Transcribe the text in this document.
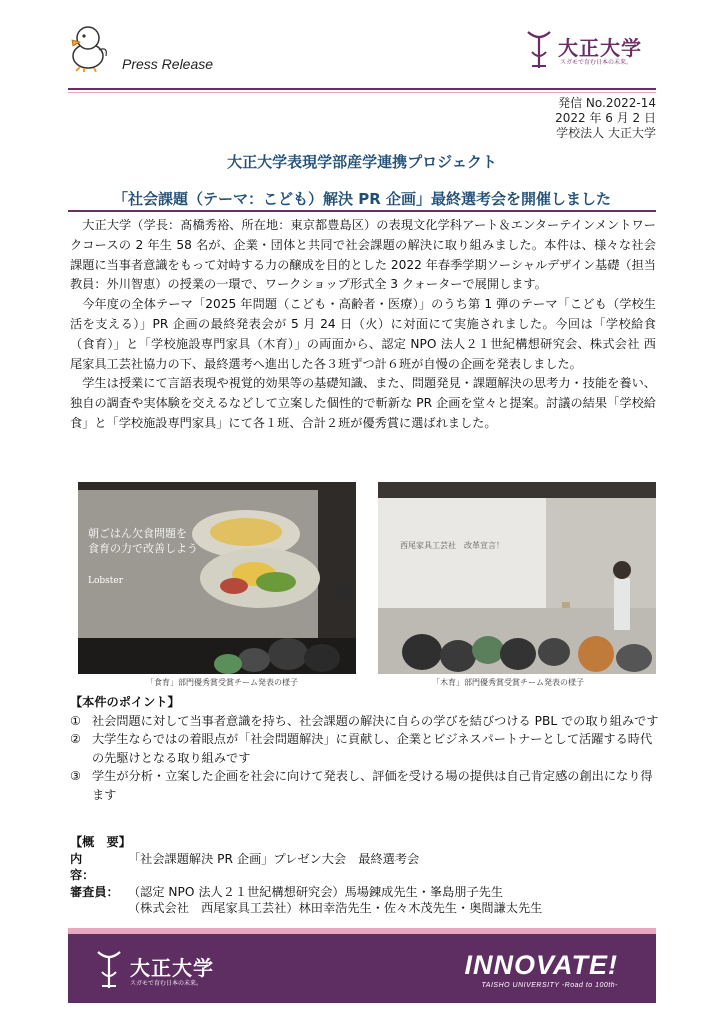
Press Release
大正大学
スガモで育む日本の未来。
発信 No.2022-14
2022 年 6 月 2 日
学校法人 大正大学
大正大学表現学部産学連携プロジェクト
「社会課題（テーマ：こども）解決 PR 企画」最終選考会を開催しました

大正大学（学長：髙橋秀裕、所在地：東京都豊島区）の表現文化学科アート＆エンターテインメントワークコースの 2 年生 58 名が、企業・団体と共同で社会課題の解決に取り組みました。本件は、様々な社会課題に当事者意識をもって対峙する力の醸成を目的とした 2022 年春季学期ソーシャルデザイン基礎（担当教員：外川智恵）の授業の一環で、ワークショップ形式全 3 クォーターで展開します。

今年度の全体テーマ「2025 年問題（こども・高齢者・医療）」のうち第 1 弾のテーマ「こども（学校生活を支える）」PR 企画の最終発表会が 5 月 24 日（火）に対面にて実施されました。今回は「学校給食（食育）」と「学校施設専門家具（木育）」の両面から、認定 NPO 法人２１世紀構想研究会、株式会社 西尾家具工芸社協力の下、最終選考へ進出した各３班ずつ計６班が自慢の企画を発表しました。

学生は授業にて言語表現や視覚的効果等の基礎知識、また、問題発見・課題解決の思考力・技能を養い、独自の調査や実体験を交えるなどして立案した個性的で斬新な PR 企画を堂々と提案。討議の結果「学校給食」と「学校施設専門家具」にて各１班、合計２班が優秀賞に選ばれました。

朝ごはん欠食問題を
食育の力で改善しよう
Lobster
西尾家具工芸社　改革宣言！
「食育」部門優秀賞受賞チーム発表の様子	「木育」部門優秀賞受賞チーム発表の様子
【本件のポイント】
① 社会問題に対して当事者意識を持ち、社会課題の解決に自らの学びを結びつける PBL での取り組みです
② 大学生ならではの着眼点が「社会問題解決」に貢献し、企業とビジネスパートナーとして活躍する時代の先駆けとなる取り組みです
③ 学生が分析・立案した企画を社会に向けて発表し、評価を受ける場の提供は自己肯定感の創出になり得ます
【概　要】
内　　容：
「社会課題解決 PR 企画」プレゼン大会　最終選考会
審査員： （認定 NPO 法人２１世紀構想研究会）馬場錬成先生・峯島朋子先生
（株式会社　西尾家具工芸社）林田幸浩先生・佐々木茂先生・奥間謙太先生
大正大学
スガモで育む日本の未来。
INNOVATE!
TAISHO UNIVERSITY -Road to 100th-
